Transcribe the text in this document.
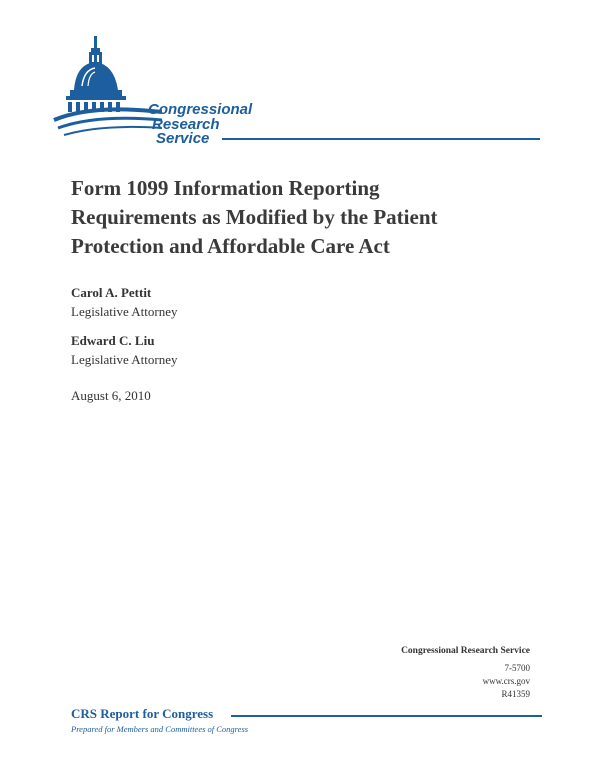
Congressional
Research
Service
Form 1099 Information Reporting
Requirements as Modified by the Patient
Protection and Affordable Care Act
Carol A. Pettit
Legislative Attorney
Edward C. Liu
Legislative Attorney
August 6, 2010
Congressional Research Service
7-5700
www.crs.gov
R41359
CRS Report for Congress
Prepared for Members and Committees of Congress
